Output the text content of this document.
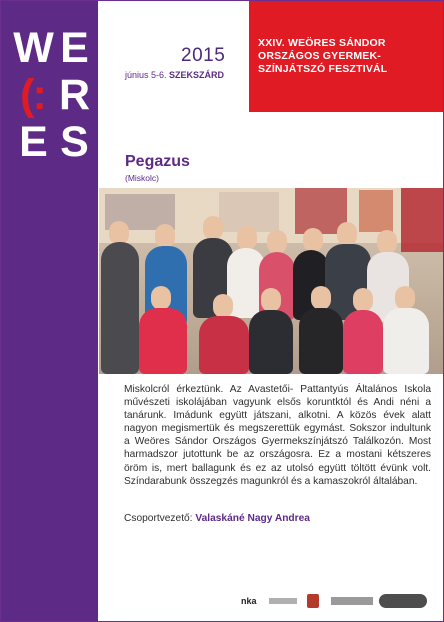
W E
(: R
E S
2015
június 5-6. SZEKSZÁRD
XXIV. WEÖRES SÁNDOR ORSZÁGOS GYERMEK-SZÍNJÁTSZÓ FESZTIVÁL
Pegazus
(Miskolc)
Miskolcról érkeztünk. Az Avastetői- Pattantyús Általános Iskola művészeti iskolájában vagyunk elsős koruntktól és Andi néni a tanárunk. Imádunk együtt játszani, alkotni. A közös évek alatt nagyon megismertük és megszerettük egymást. Sokszor indultunk a Weöres Sándor Országos Gyermekszínjátszó Találkozón. Most harmadszor jutottunk be az országosra. Ez a mostani kétszeres öröm is, mert ballagunk és ez az utolsó együtt töltött évünk volt. Színdarabunk összegzés magunkról és a kamaszokról általában.
Csoportvezető: Valaskáné Nagy Andrea
nka
